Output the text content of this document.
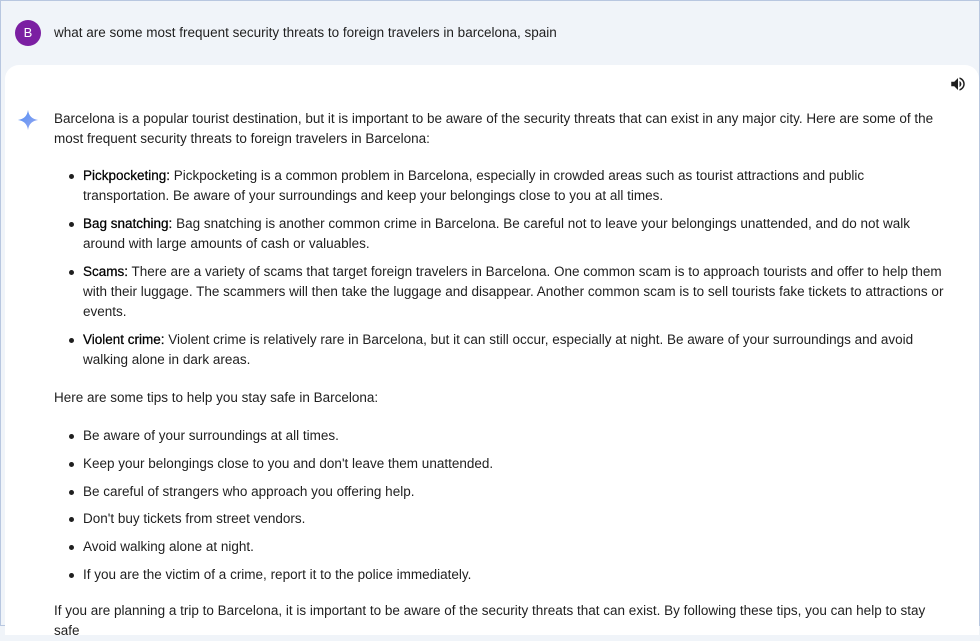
B	what are some most frequent security threats to foreign travelers in barcelona, spain

Barcelona is a popular tourist destination, but it is important to be aware of the security threats that can exist in any major city. Here are some of the most frequent security threats to foreign travelers in Barcelona:

Pickpocketing: Pickpocketing is a common problem in Barcelona, especially in crowded areas such as tourist attractions and public transportation. Be aware of your surroundings and keep your belongings close to you at all times.
Bag snatching: Bag snatching is another common crime in Barcelona. Be careful not to leave your belongings unattended, and do not walk around with large amounts of cash or valuables.
Scams: There are a variety of scams that target foreign travelers in Barcelona. One common scam is to approach tourists and offer to help them with their luggage. The scammers will then take the luggage and disappear. Another common scam is to sell tourists fake tickets to attractions or events.
Violent crime: Violent crime is relatively rare in Barcelona, but it can still occur, especially at night. Be aware of your surroundings and avoid walking alone in dark areas.

Here are some tips to help you stay safe in Barcelona:

Be aware of your surroundings at all times.
Keep your belongings close to you and don't leave them unattended.
Be careful of strangers who approach you offering help.
Don't buy tickets from street vendors.
Avoid walking alone at night.
If you are the victim of a crime, report it to the police immediately.

If you are planning a trip to Barcelona, it is important to be aware of the security threats that can exist. By following these tips, you can help to stay safe
